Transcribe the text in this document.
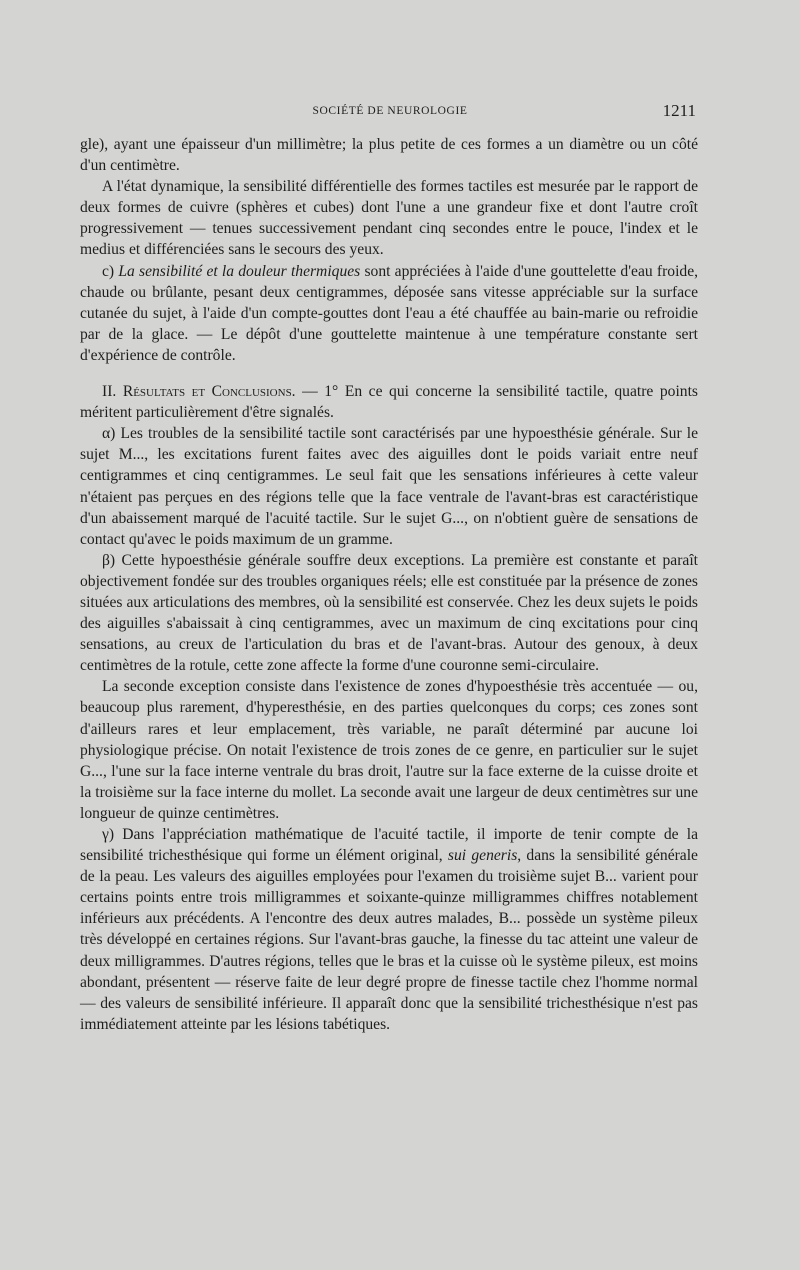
SOCIÉTÉ DE NEUROLOGIE	1211

gle), ayant une épaisseur d'un millimètre; la plus petite de ces formes a un diamètre ou un côté d'un centimètre.

A l'état dynamique, la sensibilité différentielle des formes tactiles est mesurée par le rapport de deux formes de cuivre (sphères et cubes) dont l'une a une grandeur fixe et dont l'autre croît progressivement — tenues successivement pendant cinq secondes entre le pouce, l'index et le medius et différenciées sans le secours des yeux.

c) La sensibilité et la douleur thermiques sont appréciées à l'aide d'une gouttelette d'eau froide, chaude ou brûlante, pesant deux centigrammes, déposée sans vitesse appréciable sur la surface cutanée du sujet, à l'aide d'un compte-gouttes dont l'eau a été chauffée au bain-marie ou refroidie par de la glace. — Le dépôt d'une gouttelette maintenue à une température constante sert d'expérience de contrôle.

II. Résultats et Conclusions. — 1° En ce qui concerne la sensibilité tactile, quatre points méritent particulièrement d'être signalés.

α) Les troubles de la sensibilité tactile sont caractérisés par une hypoesthésie générale. Sur le sujet M..., les excitations furent faites avec des aiguilles dont le poids variait entre neuf centigrammes et cinq centigrammes. Le seul fait que les sensations inférieures à cette valeur n'étaient pas perçues en des régions telle que la face ventrale de l'avant-bras est caractéristique d'un abaissement marqué de l'acuité tactile. Sur le sujet G..., on n'obtient guère de sensations de contact qu'avec le poids maximum de un gramme.

β) Cette hypoesthésie générale souffre deux exceptions. La première est constante et paraît objectivement fondée sur des troubles organiques réels; elle est constituée par la présence de zones situées aux articulations des membres, où la sensibilité est conservée. Chez les deux sujets le poids des aiguilles s'abaissait à cinq centigrammes, avec un maximum de cinq excitations pour cinq sensations, au creux de l'articulation du bras et de l'avant-bras. Autour des genoux, à deux centimètres de la rotule, cette zone affecte la forme d'une couronne semi-circulaire.

La seconde exception consiste dans l'existence de zones d'hypoesthésie très accentuée — ou, beaucoup plus rarement, d'hyperesthésie, en des parties quelconques du corps; ces zones sont d'ailleurs rares et leur emplacement, très variable, ne paraît déterminé par aucune loi physiologique précise. On notait l'existence de trois zones de ce genre, en particulier sur le sujet G..., l'une sur la face interne ventrale du bras droit, l'autre sur la face externe de la cuisse droite et la troisième sur la face interne du mollet. La seconde avait une largeur de deux centimètres sur une longueur de quinze centimètres.

γ) Dans l'appréciation mathématique de l'acuité tactile, il importe de tenir compte de la sensibilité trichesthésique qui forme un élément original, sui generis, dans la sensibilité générale de la peau. Les valeurs des aiguilles employées pour l'examen du troisième sujet B... varient pour certains points entre trois milligrammes et soixante-quinze milligrammes chiffres notablement inférieurs aux précédents. A l'encontre des deux autres malades, B... possède un système pileux très développé en certaines régions. Sur l'avant-bras gauche, la finesse du tac atteint une valeur de deux milligrammes. D'autres régions, telles que le bras et la cuisse où le système pileux, est moins abondant, présentent — réserve faite de leur degré propre de finesse tactile chez l'homme normal — des valeurs de sensibilité inférieure. Il apparaît donc que la sensibilité trichesthésique n'est pas immédiatement atteinte par les lésions tabétiques.
